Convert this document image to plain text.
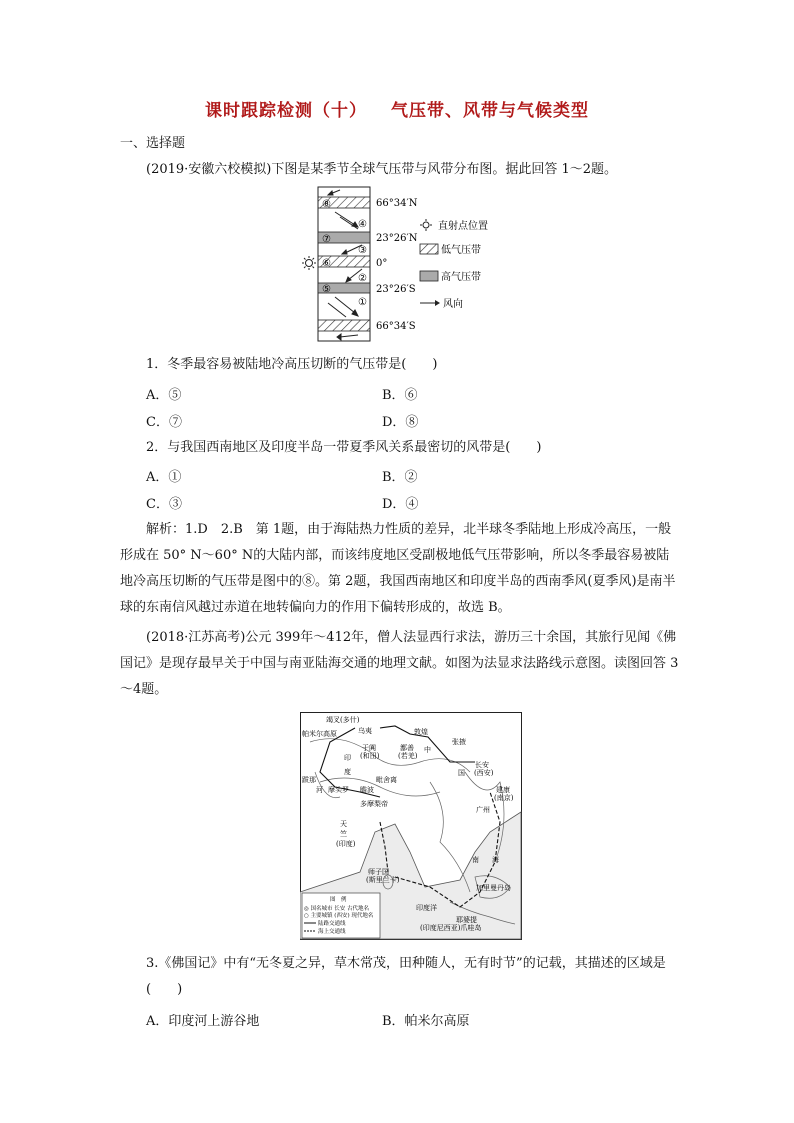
课时跟踪检测（十） 气压带、风带与气候类型
一、选择题
(2019·安徽六校模拟)下图是某季节全球气压带与风带分布图。据此回答 1～2题。
⑧
⑦
⑥
⑤
④
③
②
①
66°34′N
23°26′N
0°
23°26′S
66°34′S
直射点位置
低气压带
高气压带
风向
1．冬季最容易被陆地冷高压切断的气压带是(　　)
A．⑤	B．⑥
C．⑦	D．⑧
2．与我国西南地区及印度半岛一带夏季风关系最密切的风带是(　　)
A．①	B．②
C．③	D．④
解析：1.D　2.B　第 1题，由于海陆热力性质的差异，北半球冬季陆地上形成冷高压，一般形成在 50° N～60° N的大陆内部，而该纬度地区受副极地低气压带影响，所以冬季最容易被陆地冷高压切断的气压带是图中的⑧。第 2题，我国西南地区和印度半岛的西南季风(夏季风)是南半球的东南信风越过赤道在地转偏向力的作用下偏转形成的，故选 B。
(2018·江苏高考)公元 399年～412年，僧人法显西行求法，游历三十余国，其旅行见闻《佛国记》是现存最早关于中国与南亚陆海交通的地理文献。如图为法显求法路线示意图。读图回答 3～4题。
竭叉(多什)
帕米尔高原	乌夷
于阗
(和田)
鄯善
(若羌)
敦煌
张掖
长安
(西安)
建康
(南京)
广州
印
度
河 摩头罗
毗舍离
多摩梨帝
天
竺
(印度)
中
国
南 海
师子国
(斯里兰卡)
加里曼丹岛
耶婆提
(印度尼西亚)爪哇岛
印度洋
跋那
瞻波
图　例
◎ 国名城市 长安 古代地名
○ 主要城镇 (西安) 现代地名
陆路交通线
海上交通线
3.《佛国记》中有“无冬夏之异，草木常茂，田种随人，无有时节”的记载，其描述的区域是(　　)
A．印度河上游谷地	B．帕米尔高原
